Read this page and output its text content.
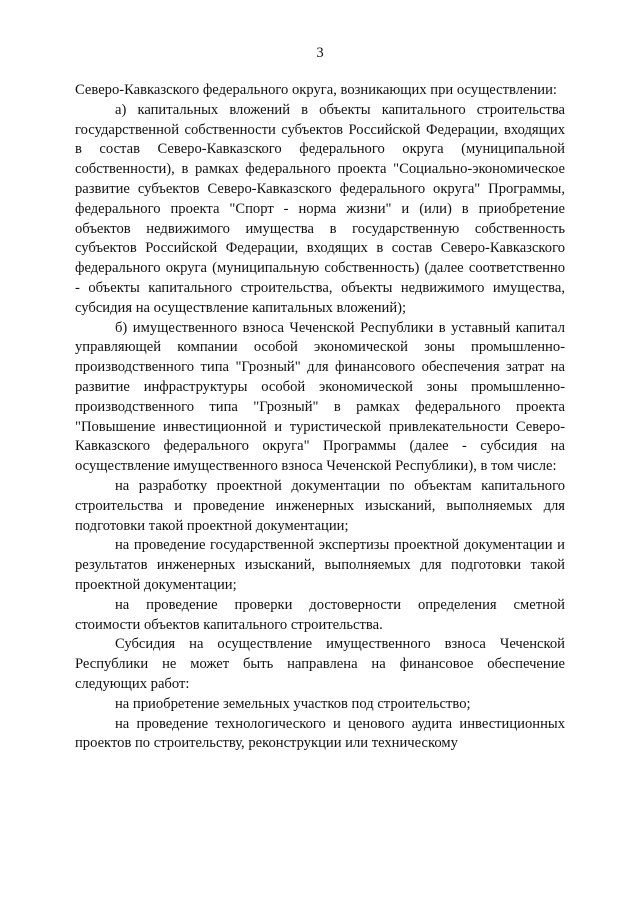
3

Северо-Кавказского федерального округа, возникающих при осуществлении:

а) капитальных вложений в объекты капитального строительства государственной собственности субъектов Российской Федерации, входящих в состав Северо-Кавказского федерального округа (муниципальной собственности), в рамках федерального проекта "Социально-экономическое развитие субъектов Северо-Кавказского федерального округа" Программы, федерального проекта "Спорт - норма жизни" и (или) в приобретение объектов недвижимого имущества в государственную собственность субъектов Российской Федерации, входящих в состав Северо-Кавказского федерального округа (муниципальную собственность) (далее соответственно - объекты капитального строительства, объекты недвижимого имущества, субсидия на осуществление капитальных вложений);

б) имущественного взноса Чеченской Республики в уставный капитал управляющей компании особой экономической зоны промышленно-производственного типа "Грозный" для финансового обеспечения затрат на развитие инфраструктуры особой экономической зоны промышленно-производственного типа "Грозный" в рамках федерального проекта "Повышение инвестиционной и туристической привлекательности Северо-Кавказского федерального округа" Программы (далее - субсидия на осуществление имущественного взноса Чеченской Республики), в том числе:

на разработку проектной документации по объектам капитального строительства и проведение инженерных изысканий, выполняемых для подготовки такой проектной документации;

на проведение государственной экспертизы проектной документации и результатов инженерных изысканий, выполняемых для подготовки такой проектной документации;

на проведение проверки достоверности определения сметной стоимости объектов капитального строительства.

Субсидия на осуществление имущественного взноса Чеченской Республики не может быть направлена на финансовое обеспечение следующих работ:

на приобретение земельных участков под строительство;

на проведение технологического и ценового аудита инвестиционных проектов по строительству, реконструкции или техническому
